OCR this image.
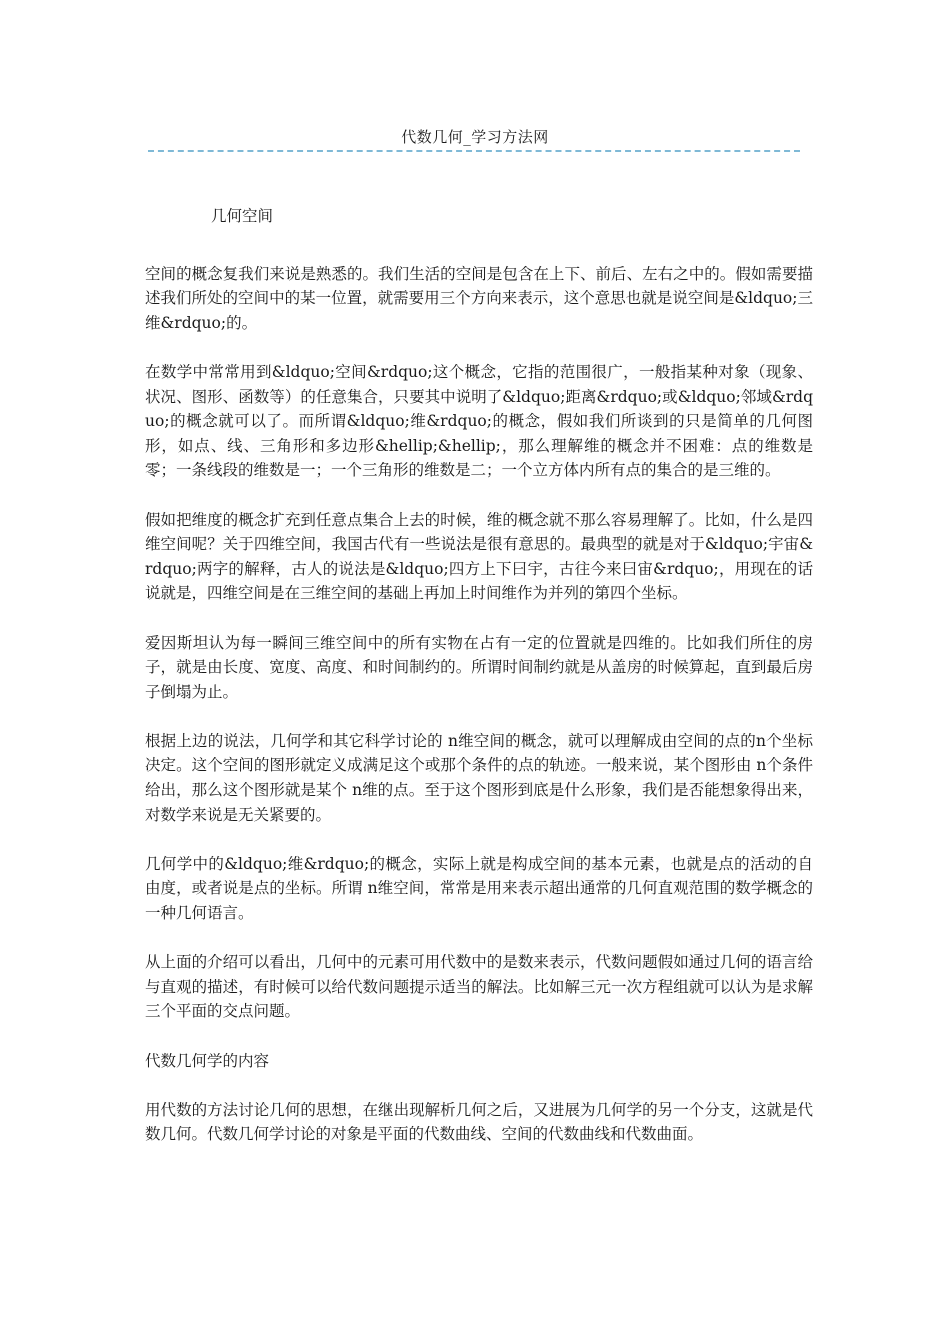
代数几何_学习方法网

几何空间

空间的概念复我们来说是熟悉的。我们生活的空间是包含在上下、前后、左右之中的。假如需要描述我们所处的空间中的某一位置，就需要用三个方向来表示，这个意思也就是说空间是&ldquo;三维&rdquo;的。

在数学中常常用到&ldquo;空间&rdquo;这个概念，它指的范围很广，一般指某种对象（现象、状况、图形、函数等）的任意集合，只要其中说明了&ldquo;距离&rdquo;或&ldquo;邻域&rdquo;的概念就可以了。而所谓&ldquo;维&rdquo;的概念，假如我们所谈到的只是简单的几何图形，如点、线、三角形和多边形&hellip;&hellip;，那么理解维的概念并不困难：点的维数是零；一条线段的维数是一；一个三角形的维数是二；一个立方体内所有点的集合的是三维的。

假如把维度的概念扩充到任意点集合上去的时候，维的概念就不那么容易理解了。比如，什么是四维空间呢？关于四维空间，我国古代有一些说法是很有意思的。最典型的就是对于&ldquo;宇宙&rdquo;两字的解释，古人的说法是&ldquo;四方上下曰宇，古往今来曰宙&rdquo;，用现在的话说就是，四维空间是在三维空间的基础上再加上时间维作为并列的第四个坐标。

爱因斯坦认为每一瞬间三维空间中的所有实物在占有一定的位置就是四维的。比如我们所住的房子，就是由长度、宽度、高度、和时间制约的。所谓时间制约就是从盖房的时候算起，直到最后房子倒塌为止。

根据上边的说法，几何学和其它科学讨论的 n维空间的概念，就可以理解成由空间的点的n个坐标决定。这个空间的图形就定义成满足这个或那个条件的点的轨迹。一般来说，某个图形由 n个条件给出，那么这个图形就是某个 n维的点。至于这个图形到底是什么形象，我们是否能想象得出来，对数学来说是无关紧要的。

几何学中的&ldquo;维&rdquo;的概念，实际上就是构成空间的基本元素，也就是点的活动的自由度，或者说是点的坐标。所谓 n维空间，常常是用来表示超出通常的几何直观范围的数学概念的一种几何语言。

从上面的介绍可以看出，几何中的元素可用代数中的是数来表示，代数问题假如通过几何的语言给与直观的描述，有时候可以给代数问题提示适当的解法。比如解三元一次方程组就可以认为是求解三个平面的交点问题。

代数几何学的内容

用代数的方法讨论几何的思想，在继出现解析几何之后，又进展为几何学的另一个分支，这就是代数几何。代数几何学讨论的对象是平面的代数曲线、空间的代数曲线和代数曲面。
